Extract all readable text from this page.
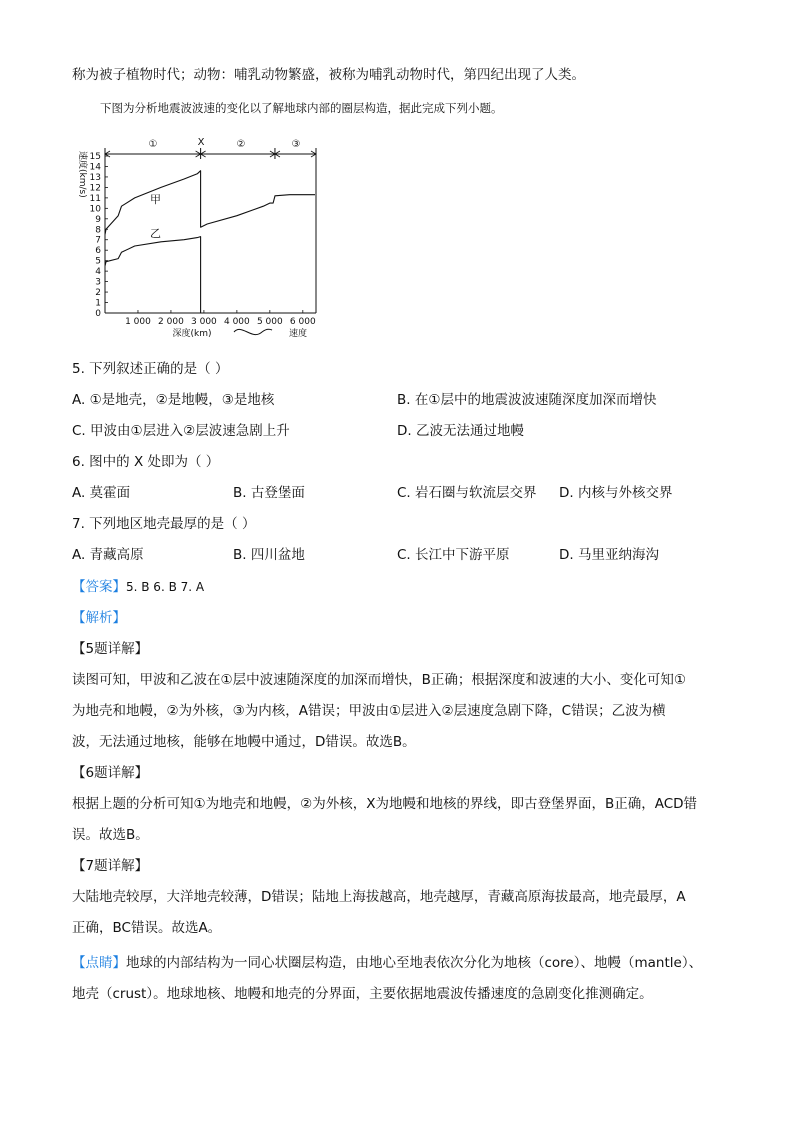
称为被子植物时代；动物：哺乳动物繁盛，被称为哺乳动物时代，第四纪出现了人类。
下图为分析地震波波速的变化以了解地球内部的圈层构造，据此完成下列小题。
0
1
2
3
4
5
6
7
8
9
10
11
12
13
14
15
1 000 2 000 3 000 4 000 5 000 6 000
速度(km/s)
深度(km)	速度
①	X	②	③
甲
乙
5. 下列叙述正确的是（ ）
A. ①是地壳，②是地幔，③是地核	B. 在①层中的地震波波速随深度加深而增快
C. 甲波由①层进入②层波速急剧上升	D. 乙波无法通过地幔
6. 图中的 X 处即为（ ）
A. 莫霍面	B. 古登堡面	C. 岩石圈与软流层交界 D. 内核与外核交界
7. 下列地区地壳最厚的是（ ）
A. 青藏高原	B. 四川盆地	C. 长江中下游平原	D. 马里亚纳海沟
【答案】5. B 6. B 7. A
【解析】
【5题详解】
读图可知，甲波和乙波在①层中波速随深度的加深而增快，B正确；根据深度和波速的大小、变化可知①
为地壳和地幔，②为外核，③为内核，A错误；甲波由①层进入②层速度急剧下降，C错误；乙波为横
波，无法通过地核，能够在地幔中通过，D错误。故选B。
【6题详解】
根据上题的分析可知①为地壳和地幔，②为外核，X为地幔和地核的界线，即古登堡界面，B正确，ACD错
误。故选B。
【7题详解】
大陆地壳较厚，大洋地壳较薄，D错误；陆地上海拔越高，地壳越厚，青藏高原海拔最高，地壳最厚，A
正确，BC错误。故选A。
【点睛】地球的内部结构为一同心状圈层构造，由地心至地表依次分化为地核（core）、地幔（mantle）、
地壳（crust）。地球地核、地幔和地壳的分界面，主要依据地震波传播速度的急剧变化推测确定。
